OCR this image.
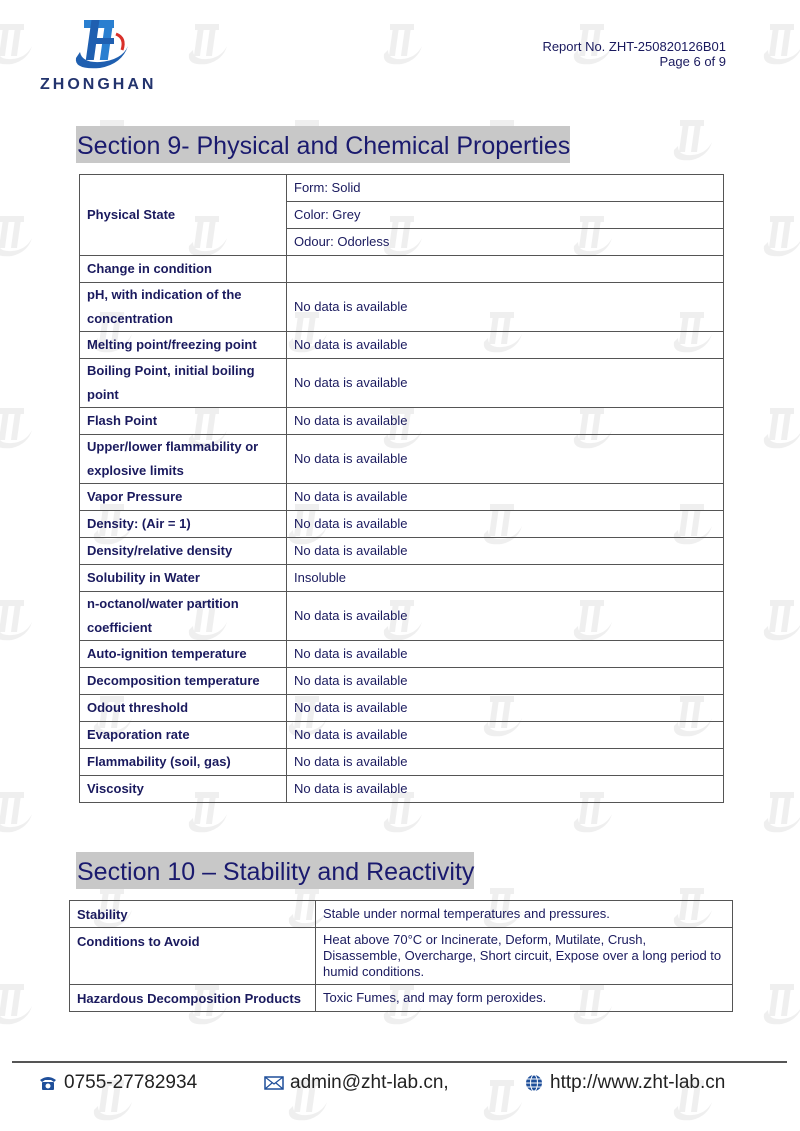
ZHONGHAN
Report No. ZHT-250820126B01
Page 6 of 9
Section 9- Physical and Chemical Properties
Physical State	Form: Solid
	Color: Grey
	Odour: Odorless
Change in condition	
pH, with indication of the concentration	No data is available
Melting point/freezing point	No data is available
Boiling Point, initial boiling point	No data is available
Flash Point	No data is available
Upper/lower flammability or explosive limits	No data is available
Vapor Pressure	No data is available
Density: (Air = 1)	No data is available
Density/relative density	No data is available
Solubility in Water	Insoluble
n-octanol/water partition coefficient	No data is available
Auto-ignition temperature	No data is available
Decomposition temperature	No data is available
Odout threshold	No data is available
Evaporation rate	No data is available
Flammability (soil, gas)	No data is available
Viscosity	No data is available
Section 10 – Stability and Reactivity
Stability	Stable under normal temperatures and pressures.
Conditions to Avoid	Heat above 70°C or Incinerate, Deform, Mutilate, Crush, Disassemble, Overcharge, Short circuit, Expose over a long period to humid conditions.
Hazardous Decomposition Products	Toxic Fumes, and may form peroxides.
0755-27782934	admin@zht-lab.cn,	http://www.zht-lab.cn
